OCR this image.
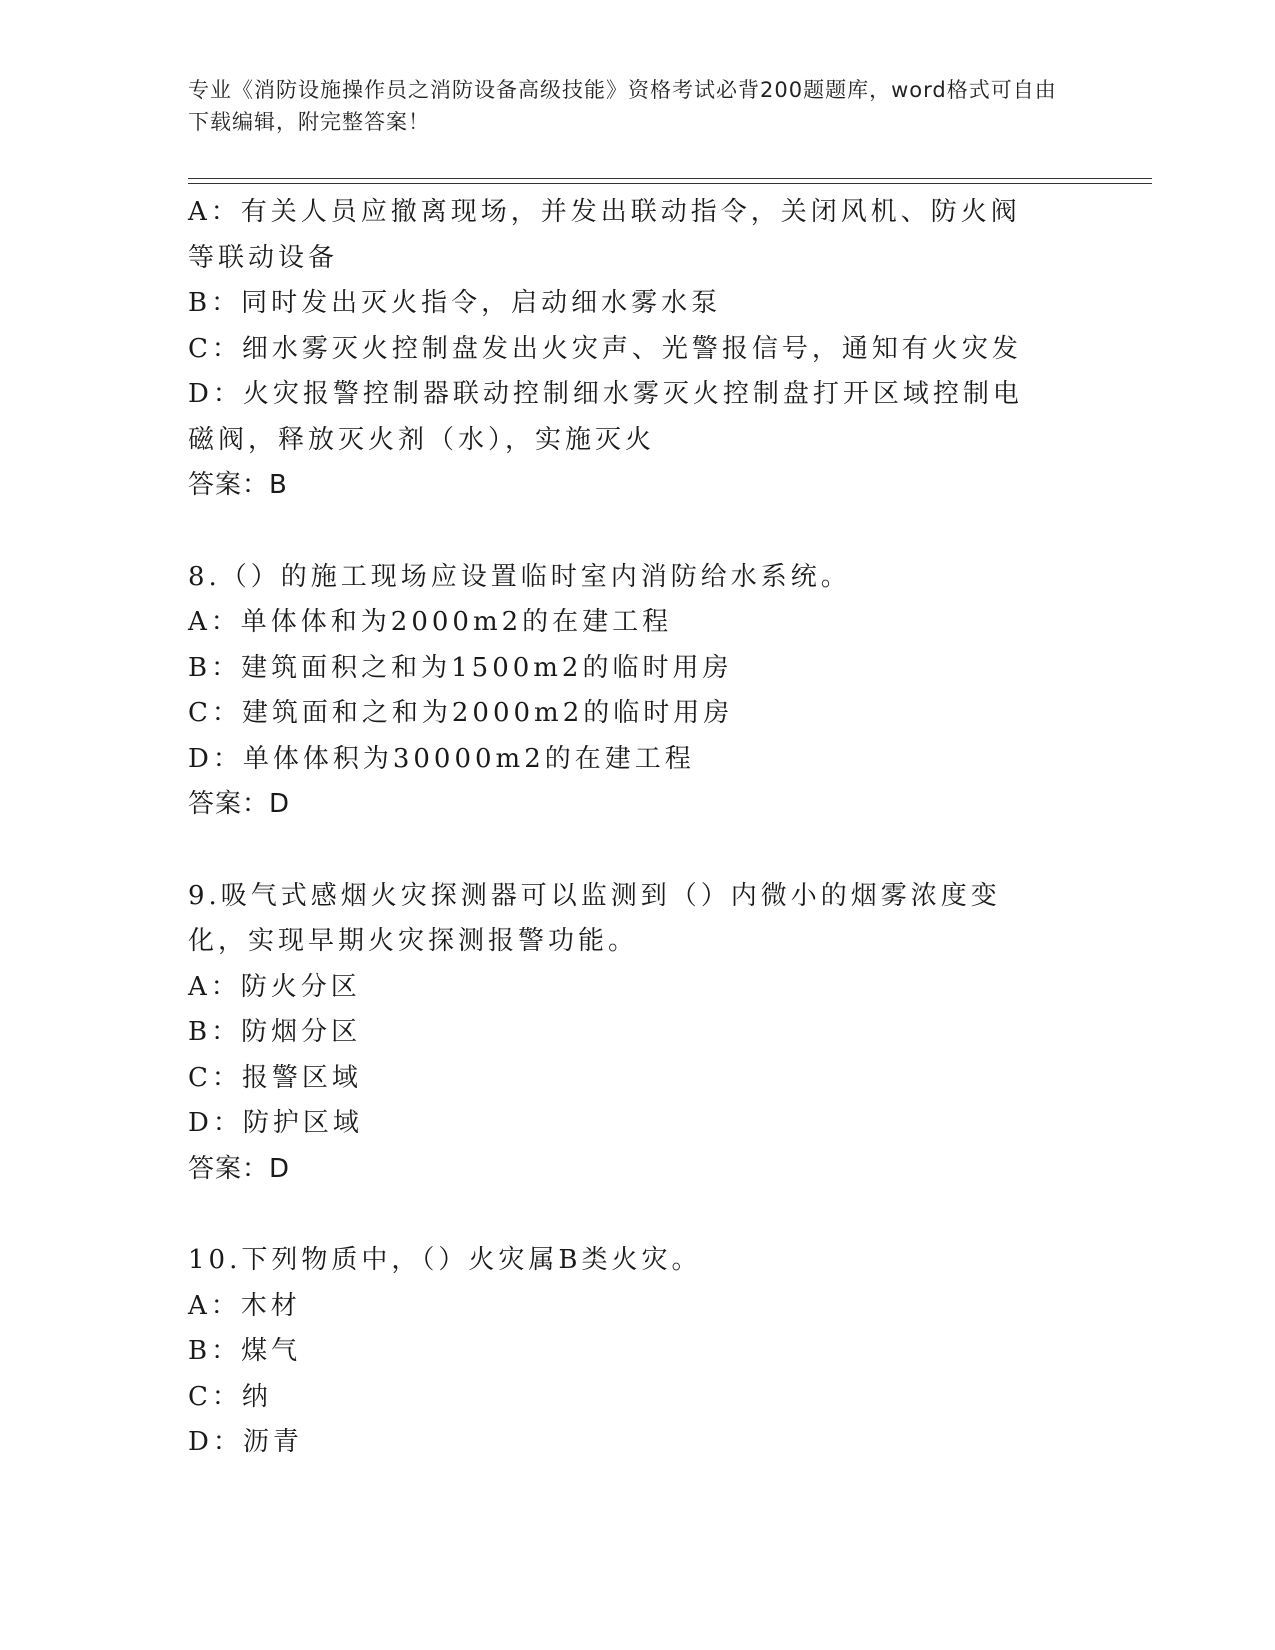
专业《消防设施操作员之消防设备高级技能》资格考试必背200题题库，word格式可自由下载编辑，附完整答案！
A：有关人员应撤离现场，并发出联动指令，关闭风机、防火阀等联动设备
B：同时发出灭火指令，启动细水雾水泵
C：细水雾灭火控制盘发出火灾声、光警报信号，通知有火灾发
D：火灾报警控制器联动控制细水雾灭火控制盘打开区域控制电磁阀，释放灭火剂（水），实施灭火
答案：B
8.（）的施工现场应设置临时室内消防给水系统。
A：单体体和为2000m2的在建工程
B：建筑面积之和为1500m2的临时用房
C：建筑面和之和为2000m2的临时用房
D：单体体积为30000m2的在建工程
答案：D
9.吸气式感烟火灾探测器可以监测到（）内微小的烟雾浓度变化，实现早期火灾探测报警功能。
A：防火分区
B：防烟分区
C：报警区域
D：防护区域
答案：D
10.下列物质中，（）火灾属B类火灾。
A：木材
B：煤气
C：纳
D：沥青
